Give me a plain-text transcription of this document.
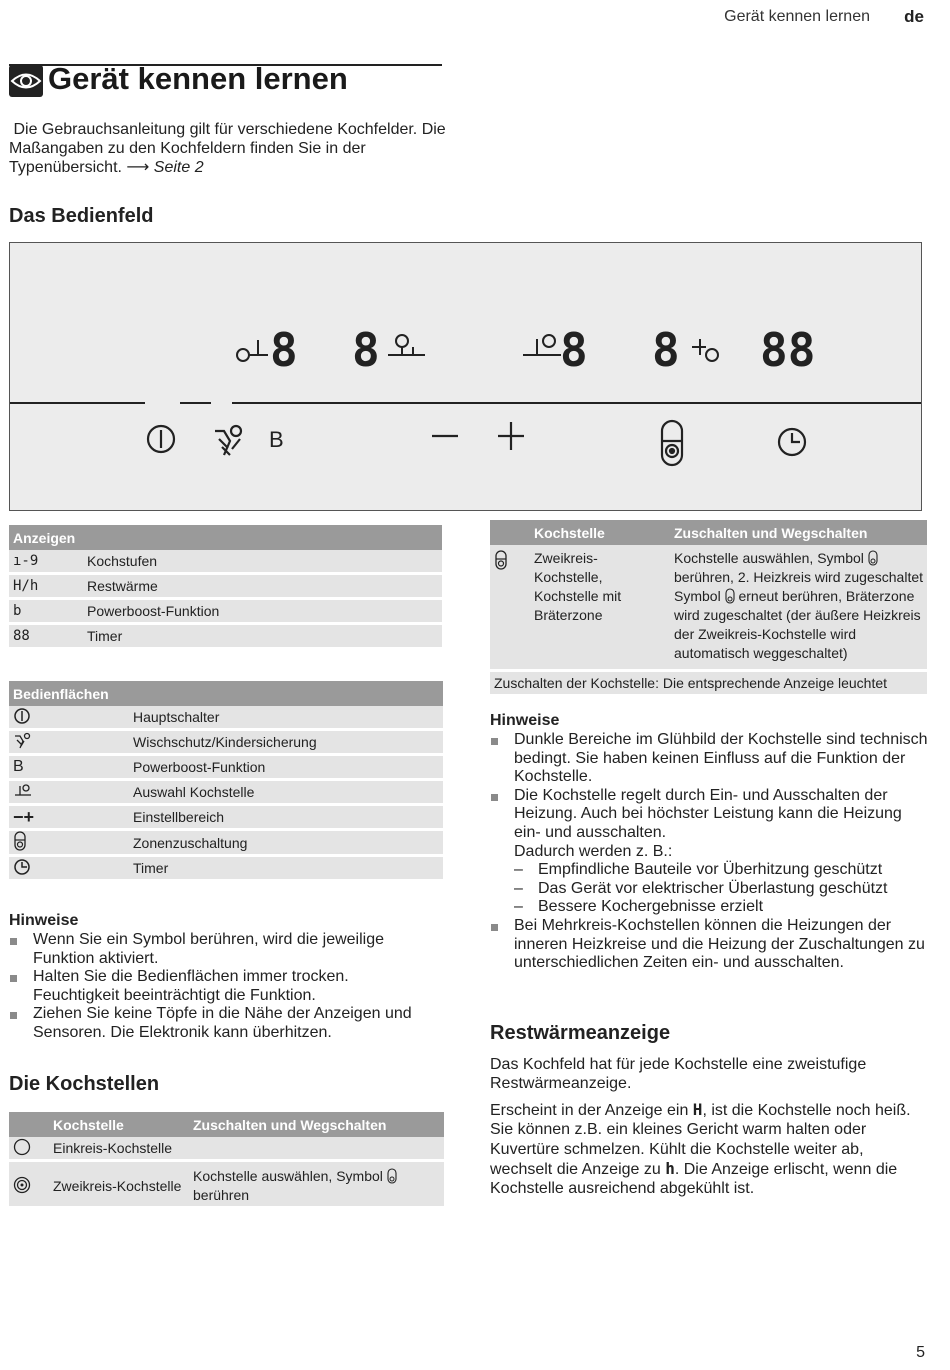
Gerät kennen lernen de
Gerät kennen lernen
Die Gebrauchsanleitung gilt für verschiedene Kochfelder. Die Maßangaben zu den Kochfeldern finden Sie in der Typenübersicht. ⟶ Seite 2
Das Bedienfeld
8 8	8 8 88
B
Anzeigen	
ı-9	Kochstufen
H/h	Restwärme
b	Powerboost-Funktion
88	Timer
Bedienflächen	
	Hauptschalter
	Wischschutz/Kindersicherung
B	Powerboost-Funktion
	Auswahl Kochstelle
−+	Einstellbereich
	Zonenzuschaltung
	Timer
Hinweise
Wenn Sie ein Symbol berühren, wird die jeweilige Funktion aktiviert.
Halten Sie die Bedienflächen immer trocken. Feuchtigkeit beeinträchtigt die Funktion.
Ziehen Sie keine Töpfe in die Nähe der Anzeigen und Sensoren. Die Elektronik kann überhitzen.
Die Kochstellen
	Kochstelle	Zuschalten und Wegschalten
	Einkreis-Kochstelle	
	Zweikreis-Kochstelle	Kochstelle auswählen, Symbol  berühren
	Kochstelle	Zuschalten und Wegschalten
	Zweikreis-Kochstelle, Kochstelle mit Bräterzone	Kochstelle auswählen, Symbol  berühren, 2. Heizkreis wird zugeschaltet
Symbol erneut berühren, Bräterzone wird zugeschaltet (der äußere Heizkreis der Zweikreis-Kochstelle wird automatisch weggeschaltet)
Zuschalten der Kochstelle: Die entsprechende Anzeige leuchtet		
Hinweise
Dunkle Bereiche im Glühbild der Kochstelle sind technisch bedingt. Sie haben keinen Einfluss auf die Funktion der Kochstelle.
Die Kochstelle regelt durch Ein- und Ausschalten der Heizung. Auch bei höchster Leistung kann die Heizung ein- und ausschalten.
Dadurch werden z. B.:
– Empfindliche Bauteile vor Überhitzung geschützt
– Das Gerät vor elektrischer Überlastung geschützt
– Bessere Kochergebnisse erzielt
Bei Mehrkreis-Kochstellen können die Heizungen der inneren Heizkreise und die Heizung der Zuschaltungen zu unterschiedlichen Zeiten ein- und ausschalten.
Restwärmeanzeige
Das Kochfeld hat für jede Kochstelle eine zweistufige Restwärmeanzeige.
Erscheint in der Anzeige ein H, ist die Kochstelle noch heiß. Sie können z.B. ein kleines Gericht warm halten oder Kuvertüre schmelzen. Kühlt die Kochstelle weiter ab, wechselt die Anzeige zu h. Die Anzeige erlischt, wenn die Kochstelle ausreichend abgekühlt ist.
5
